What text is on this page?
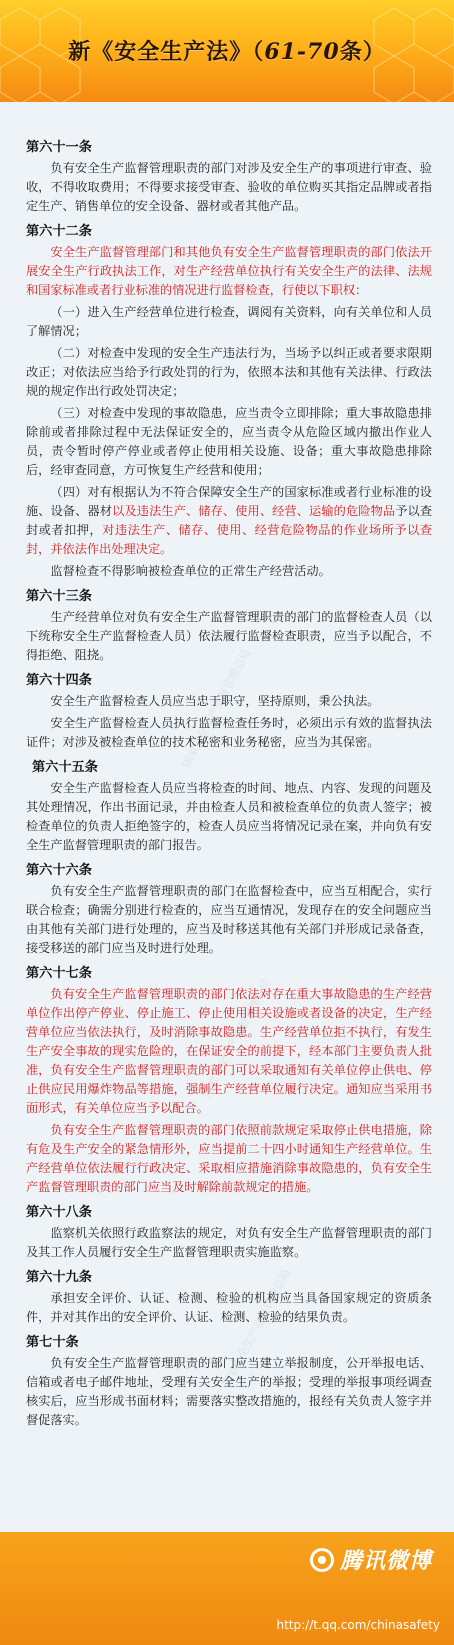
新《安全生产法》（61-70条）
国家安全生产监督管理总局
国家安全生产监督管理总局
国家安全生产监督管理总局
第六十一条

负有安全生产监督管理职责的部门对涉及安全生产的事项进行审查、验收，不得收取费用；不得要求接受审查、验收的单位购买其指定品牌或者指定生产、销售单位的安全设备、器材或者其他产品。

第六十二条

安全生产监督管理部门和其他负有安全生产监督管理职责的部门依法开展安全生产行政执法工作，对生产经营单位执行有关安全生产的法律、法规和国家标准或者行业标准的情况进行监督检查，行使以下职权：

（一）进入生产经营单位进行检查，调阅有关资料，向有关单位和人员了解情况；

（二）对检查中发现的安全生产违法行为，当场予以纠正或者要求限期改正；对依法应当给予行政处罚的行为，依照本法和其他有关法律、行政法规的规定作出行政处罚决定；

（三）对检查中发现的事故隐患，应当责令立即排除；重大事故隐患排除前或者排除过程中无法保证安全的，应当责令从危险区域内撤出作业人员，责令暂时停产停业或者停止使用相关设施、设备；重大事故隐患排除后，经审查同意，方可恢复生产经营和使用；

（四）对有根据认为不符合保障安全生产的国家标准或者行业标准的设施、设备、器材以及违法生产、储存、使用、经营、运输的危险物品予以查封或者扣押，对违法生产、储存、使用、经营危险物品的作业场所予以查封，并依法作出处理决定。

监督检查不得影响被检查单位的正常生产经营活动。

第六十三条

生产经营单位对负有安全生产监督管理职责的部门的监督检查人员（以下统称安全生产监督检查人员）依法履行监督检查职责，应当予以配合，不得拒绝、阻挠。

第六十四条

安全生产监督检查人员应当忠于职守，坚持原则，秉公执法。

安全生产监督检查人员执行监督检查任务时，必须出示有效的监督执法证件；对涉及被检查单位的技术秘密和业务秘密，应当为其保密。

第六十五条

安全生产监督检查人员应当将检查的时间、地点、内容、发现的问题及其处理情况，作出书面记录，并由检查人员和被检查单位的负责人签字；被检查单位的负责人拒绝签字的，检查人员应当将情况记录在案，并向负有安全生产监督管理职责的部门报告。

第六十六条

负有安全生产监督管理职责的部门在监督检查中，应当互相配合，实行联合检查；确需分别进行检查的，应当互通情况，发现存在的安全问题应当由其他有关部门进行处理的，应当及时移送其他有关部门并形成记录备查，接受移送的部门应当及时进行处理。

第六十七条

负有安全生产监督管理职责的部门依法对存在重大事故隐患的生产经营单位作出停产停业、停止施工、停止使用相关设施或者设备的决定，生产经营单位应当依法执行，及时消除事故隐患。生产经营单位拒不执行，有发生生产安全事故的现实危险的，在保证安全的前提下，经本部门主要负责人批准，负有安全生产监督管理职责的部门可以采取通知有关单位停止供电、停止供应民用爆炸物品等措施，强制生产经营单位履行决定。通知应当采用书面形式，有关单位应当予以配合。

负有安全生产监督管理职责的部门依照前款规定采取停止供电措施，除有危及生产安全的紧急情形外，应当提前二十四小时通知生产经营单位。生产经营单位依法履行行政决定、采取相应措施消除事故隐患的，负有安全生产监督管理职责的部门应当及时解除前款规定的措施。

第六十八条

监察机关依照行政监察法的规定，对负有安全生产监督管理职责的部门及其工作人员履行安全生产监督管理职责实施监察。

第六十九条

承担安全评价、认证、检测、检验的机构应当具备国家规定的资质条件，并对其作出的安全评价、认证、检测、检验的结果负责。

第七十条

负有安全生产监督管理职责的部门应当建立举报制度，公开举报电话、信箱或者电子邮件地址，受理有关安全生产的举报；受理的举报事项经调查核实后，应当形成书面材料；需要落实整改措施的，报经有关负责人签字并督促落实。

腾讯微博
http://t.qq.com/chinasafety
